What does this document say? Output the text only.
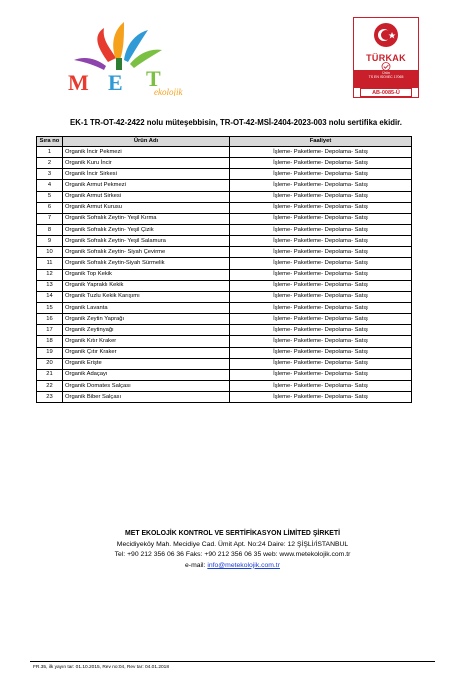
M E T
ekolojik
TÜRKAK
Ürün
TS EN ISO/IEC 17065
AB-0085-Ü
EK-1 TR-OT-42-2422 nolu müteşebbisin, TR-OT-42-MSİ-2404-2023-003 nolu sertifika ekidir.
Sıra no	Ürün Adı	Faaliyet
1	Organik İncir Pekmezi	İşleme- Paketleme- Depolama- Satış
2	Organik Kuru İncir	İşleme- Paketleme- Depolama- Satış
3	Organik İncir Sirkesi	İşleme- Paketleme- Depolama- Satış
4	Organik Armut Pekmezi	İşleme- Paketleme- Depolama- Satış
5	Organik Armut Sirkesi	İşleme- Paketleme- Depolama- Satış
6	Organik Armut Kurusu	İşleme- Paketleme- Depolama- Satış
7	Organik Sofralık Zeytin- Yeşil Kırma	İşleme- Paketleme- Depolama- Satış
8	Organik Sofralık Zeytin- Yeşil Çizik	İşleme- Paketleme- Depolama- Satış
9	Organik Sofralık Zeytin- Yeşil Salamura	İşleme- Paketleme- Depolama- Satış
10	Organik Sofralık Zeytin- Siyah Çevirme	İşleme- Paketleme- Depolama- Satış
11	Organik Sofralık Zeytin-Siyah Sürmelik	İşleme- Paketleme- Depolama- Satış
12	Organik Top Kekik	İşleme- Paketleme- Depolama- Satış
13	Organik Yapraklı Kekik	İşleme- Paketleme- Depolama- Satış
14	Organik Tuzlu Kekik Karışımı	İşleme- Paketleme- Depolama- Satış
15	Organik Lavanta	İşleme- Paketleme- Depolama- Satış
16	Organik Zeytin Yaprağı	İşleme- Paketleme- Depolama- Satış
17	Organik Zeytinyağı	İşleme- Paketleme- Depolama- Satış
18	Organik Kıtır Kraker	İşleme- Paketleme- Depolama- Satış
19	Organik Çıtır Kraker	İşleme- Paketleme- Depolama- Satış
20	Organik Erişte	İşleme- Paketleme- Depolama- Satış
21	Organik Adaçayı	İşleme- Paketleme- Depolama- Satış
22	Organik Domates Salçası	İşleme- Paketleme- Depolama- Satış
23	Organik Biber Salçası	İşleme- Paketleme- Depolama- Satış
MET EKOLOJİK KONTROL VE SERTİFİKASYON LİMİTED ŞİRKETİ
Mecidiyeköy Mah. Mecidiye Cad. Ümit Apt. No:24 Daire: 12 ŞİŞLİ/İSTANBUL
Tel: +90 212 356 06 36 Faks: +90 212 356 06 35 web: www.metekolojik.com.tr
e-mail: info@metekolojik.com.tr
FR.35, ilk yayın tar: 01.10.2015, Rev no:04, Rev tar: 04.01.2018
